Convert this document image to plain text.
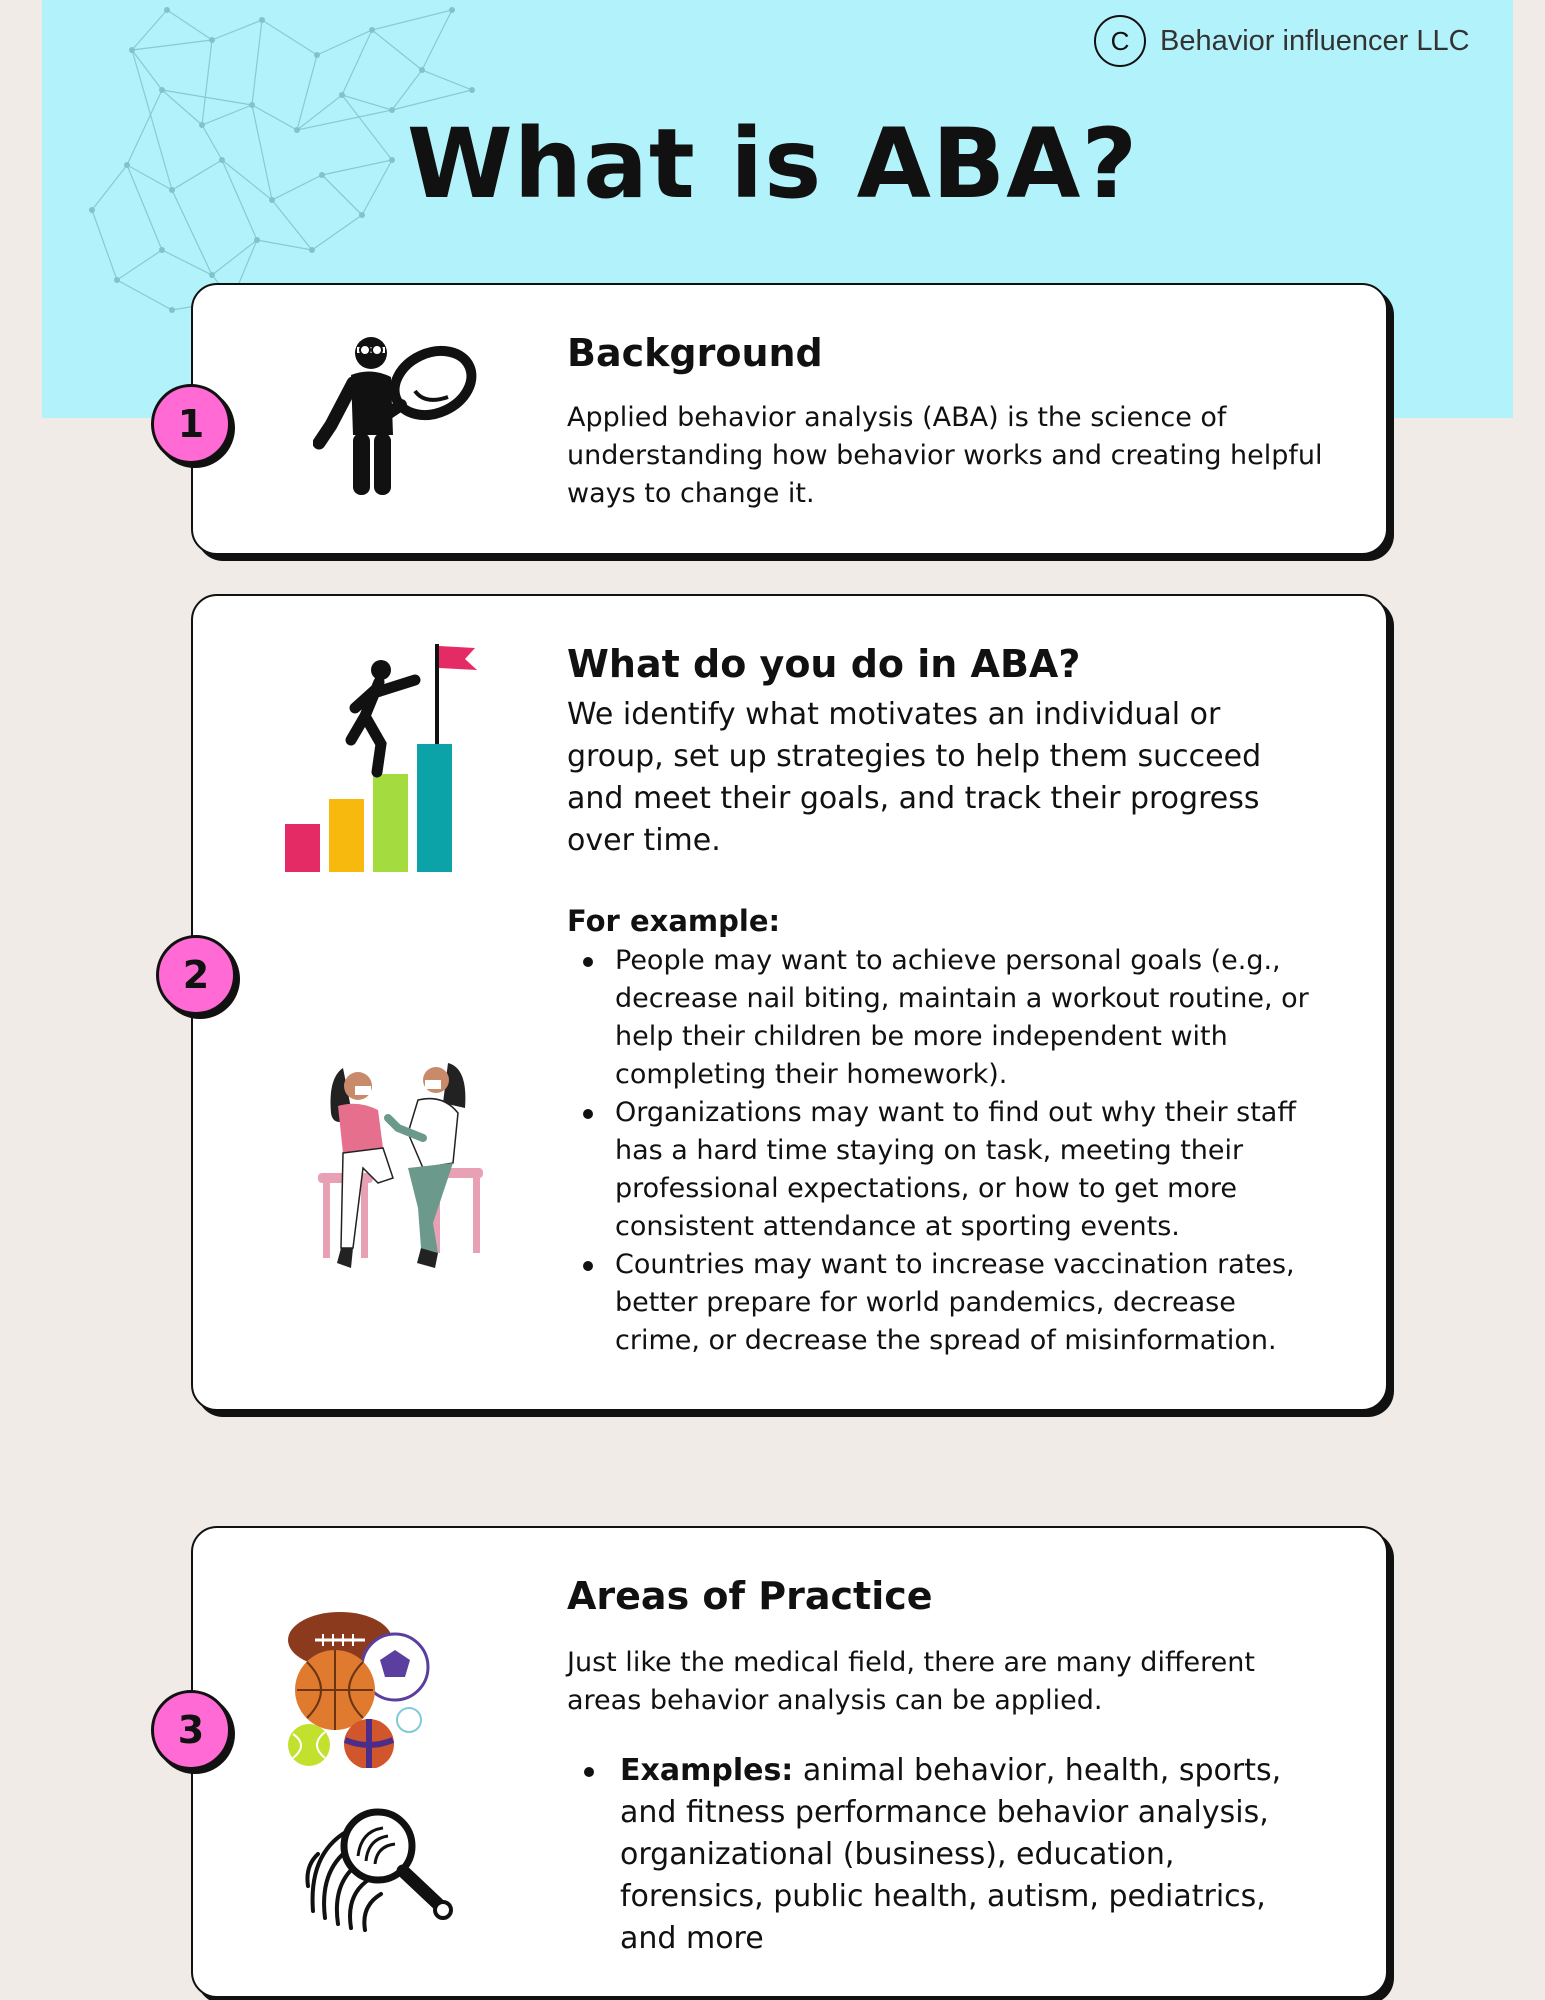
C	Behavior influencer LLC
What is ABA?
Background

Applied behavior analysis (ABA) is the science of understanding how behavior works and creating helpful ways to change it.

1
What do you do in ABA?

We identify what motivates an individual or group, set up strategies to help them succeed and meet their goals, and track their progress over time.

For example:

People may want to achieve personal goals (e.g., decrease nail biting, maintain a workout routine, or help their children be more independent with completing their homework).
Organizations may want to find out why their staff has a hard time staying on task, meeting their professional expectations, or how to get more consistent attendance at sporting events.
Countries may want to increase vaccination rates, better prepare for world pandemics, decrease crime, or decrease the spread of misinformation.
2
Areas of Practice

Just like the medical field, there are many different areas behavior analysis can be applied.

Examples: animal behavior, health, sports, and fitness performance behavior analysis, organizational (business), education, forensics, public health, autism, pediatrics, and more
3
